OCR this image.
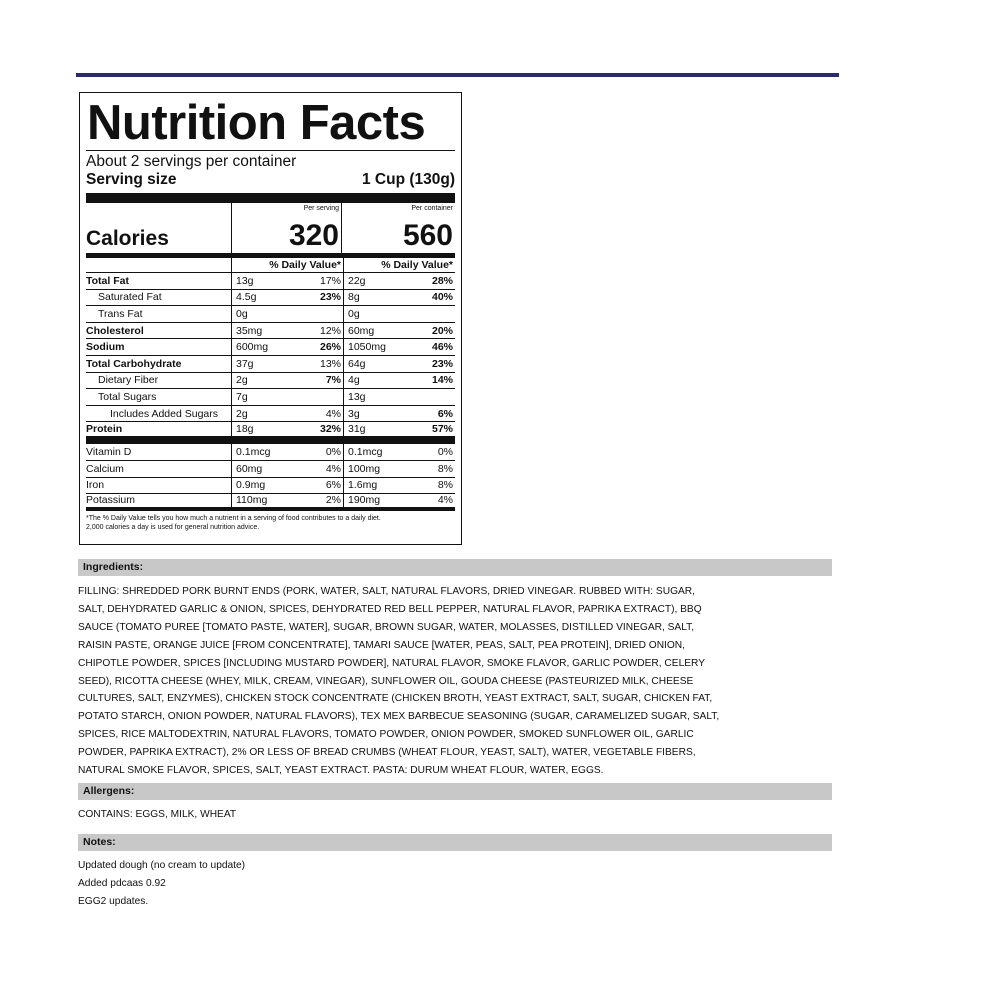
Nutrition Facts
About 2 servings per container
Serving size	1 Cup (130g)
Calories
Per serving
320
Per container
560
% Daily Value*	% Daily Value*
Total Fat	13g	17% 22g	28%
Saturated Fat	4.5g	23% 8g	40%
Trans Fat	0g	0g
Cholesterol	35mg	12% 60mg	20%
Sodium	600mg	26% 1050mg	46%
Total Carbohydrate	37g	13% 64g	23%
Dietary Fiber	2g	7% 4g	14%
Total Sugars	7g	13g
Includes Added Sugars	2g	4% 3g	6%
Protein	18g	32% 31g	57%
Vitamin D	0.1mcg	0% 0.1mcg	0%
Calcium	60mg	4% 100mg	8%
Iron	0.9mg	6% 1.6mg	8%
Potassium	110mg	2% 190mg	4%
*The % Daily Value tells you how much a nutrient in a serving of food contributes to a daily diet.
2,000 calories a day is used for general nutrition advice.
Ingredients:
FILLING: SHREDDED PORK BURNT ENDS (PORK, WATER, SALT, NATURAL FLAVORS, DRIED VINEGAR. RUBBED WITH: SUGAR,
SALT, DEHYDRATED GARLIC & ONION, SPICES, DEHYDRATED RED BELL PEPPER, NATURAL FLAVOR, PAPRIKA EXTRACT), BBQ
SAUCE (TOMATO PUREE [TOMATO PASTE, WATER], SUGAR, BROWN SUGAR, WATER, MOLASSES, DISTILLED VINEGAR, SALT,
RAISIN PASTE, ORANGE JUICE [FROM CONCENTRATE], TAMARI SAUCE [WATER, PEAS, SALT, PEA PROTEIN], DRIED ONION,
CHIPOTLE POWDER, SPICES [INCLUDING MUSTARD POWDER], NATURAL FLAVOR, SMOKE FLAVOR, GARLIC POWDER, CELERY
SEED), RICOTTA CHEESE (WHEY, MILK, CREAM, VINEGAR), SUNFLOWER OIL, GOUDA CHEESE (PASTEURIZED MILK, CHEESE
CULTURES, SALT, ENZYMES), CHICKEN STOCK CONCENTRATE (CHICKEN BROTH, YEAST EXTRACT, SALT, SUGAR, CHICKEN FAT,
POTATO STARCH, ONION POWDER, NATURAL FLAVORS), TEX MEX BARBECUE SEASONING (SUGAR, CARAMELIZED SUGAR, SALT,
SPICES, RICE MALTODEXTRIN, NATURAL FLAVORS, TOMATO POWDER, ONION POWDER, SMOKED SUNFLOWER OIL, GARLIC
POWDER, PAPRIKA EXTRACT), 2% OR LESS OF BREAD CRUMBS (WHEAT FLOUR, YEAST, SALT), WATER, VEGETABLE FIBERS,
NATURAL SMOKE FLAVOR, SPICES, SALT, YEAST EXTRACT. PASTA: DURUM WHEAT FLOUR, WATER, EGGS.
Allergens:
CONTAINS: EGGS, MILK, WHEAT
Notes:
Updated dough (no cream to update)
Added pdcaas 0.92
EGG2 updates.
